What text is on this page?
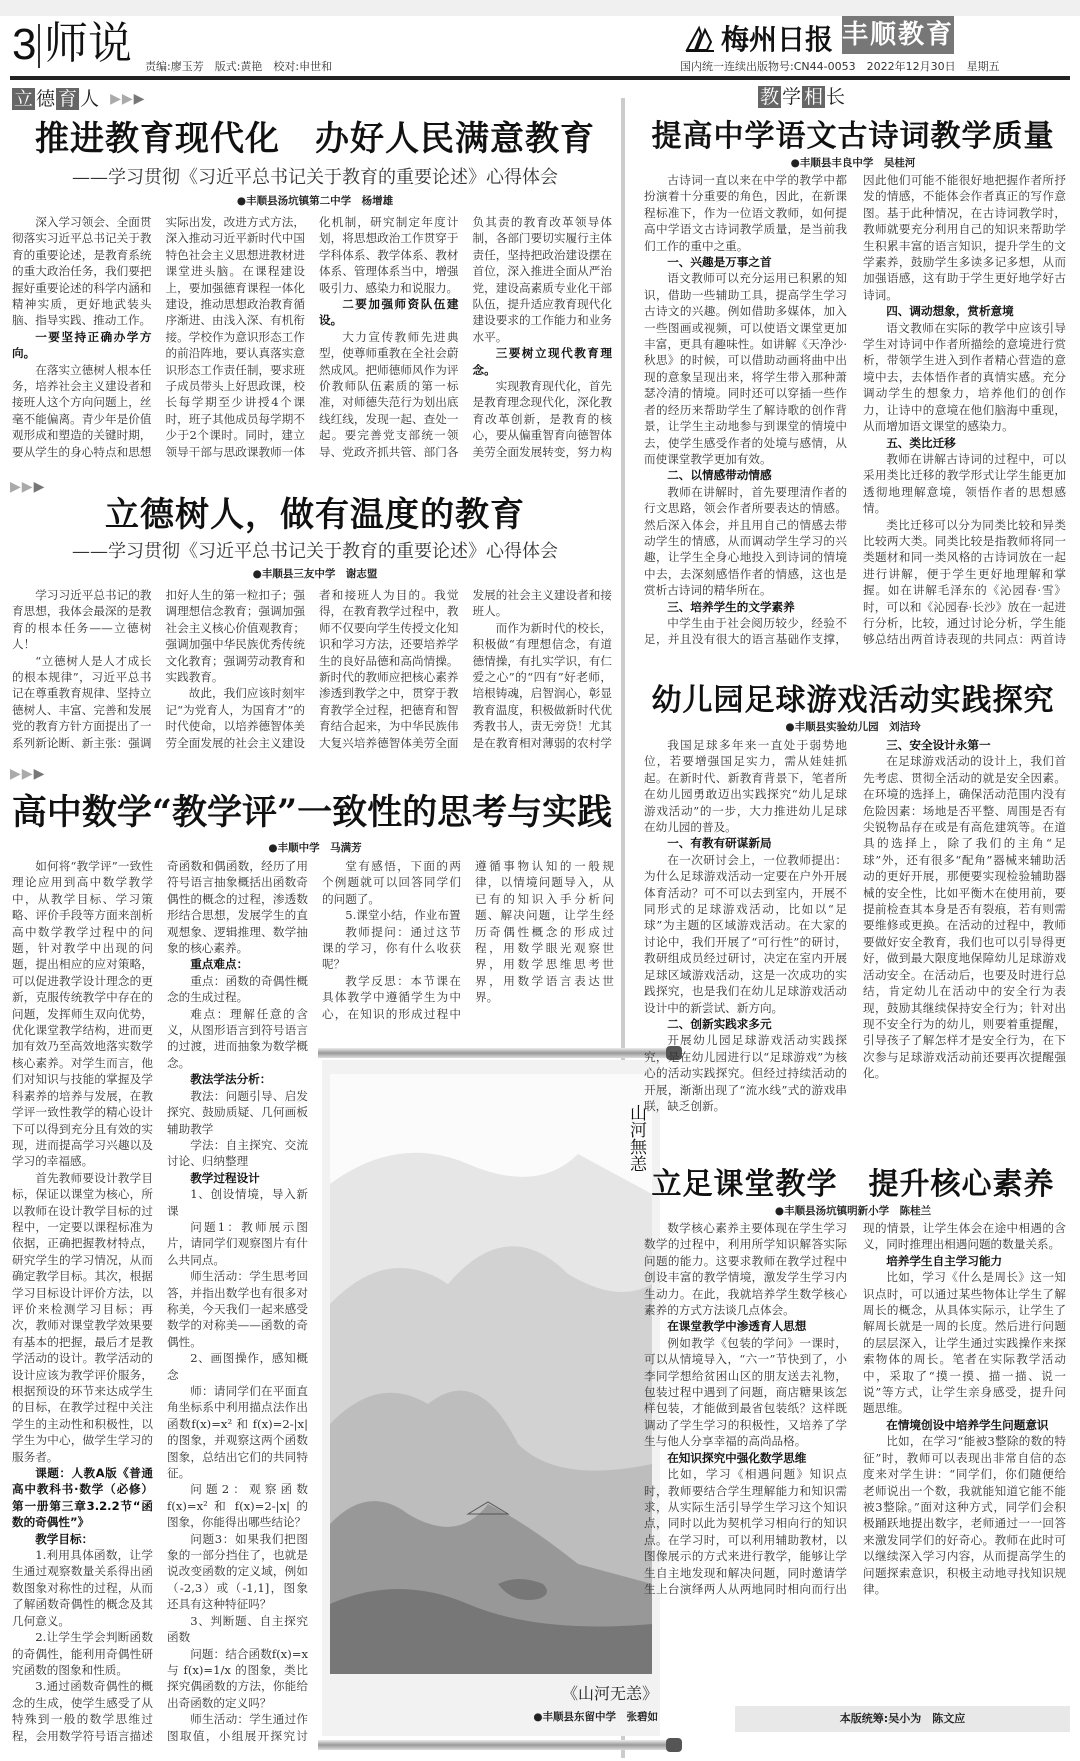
3 师说 责编:廖玉芳　版式:黄艳　校对:申世和
梅州日报 丰顺教育
国内统一连续出版物号:CN44-0053　2022年12月30日　星期五
立 德 育 人 ▶ ▶ ▶	教 学 相 长
推进教育现代化　办好人民满意教育
——学习贯彻《习近平总书记关于教育的重要论述》心得体会
●丰顺县汤坑镇第二中学　杨增雄

深入学习领会、全面贯彻落实习近平总书记关于教育的重要论述，是教育系统的重大政治任务，我们要把握好重要论述的科学内涵和精神实质，更好地武装头脑、指导实践、推动工作。

一要坚持正确办学方向。

在落实立德树人根本任务，培养社会主义建设者和接班人这个方向问题上，丝毫不能偏离。青少年是价值观形成和塑造的关键时期，要从学生的身心特点和思想实际出发，改进方式方法，深入推动习近平新时代中国特色社会主义思想进教材进课堂进头脑。在课程建设上，要加强德育课程一体化建设，推动思想政治教育循序渐进、由浅入深、有机衔接。学校作为意识形态工作的前沿阵地，要认真落实意识形态工作责任制，要求班子成员带头上好思政课，校长每学期至少讲授4个课时，班子其他成员每学期不少于2个课时。同时，建立领导干部与思政课教师一体化机制，研究制定年度计划，将思想政治工作贯穿于学科体系、教学体系、教材体系、管理体系当中，增强吸引力、感染力和说服力。

二要加强师资队伍建设。

大力宣传教师先进典型，使尊师重教在全社会蔚然成风。把师德师风作为评价教师队伍素质的第一标准，对师德失范行为划出底线红线，发现一起、查处一起。要完善党支部统一领导、党政齐抓共管、部门各负其责的教育改革领导体制，各部门要切实履行主体责任，坚持把政治建设摆在首位，深入推进全面从严治党，建设高素质专业化干部队伍，提升适应教育现代化建设要求的工作能力和业务水平。

三要树立现代教育理念。

实现教育现代化，首先是教育理念现代化，深化教育改革创新，是教育的核心，要从偏重智育向德智体美劳全面发展转变，努力构

▶ ▶ ▶
立德树人，做有温度的教育
——学习贯彻《习近平总书记关于教育的重要论述》心得体会
●丰顺县三友中学　谢志盟

学习习近平总书记的教育思想，我体会最深的是教育的根本任务——立德树人！

“立德树人是人才成长的根本规律”，习近平总书记在尊重教育规律、坚持立德树人、丰富、完善和发展党的教育方针方面提出了一系列新论断、新主张：强调扣好人生的第一粒扣子；强调理想信念教育；强调加强社会主义核心价值观教育；强调加强中华民族优秀传统文化教育；强调劳动教育和实践教育。

故此，我们应该时刻牢记“为党育人，为国育才”的时代使命，以培养德智体美劳全面发展的社会主义建设者和接班人为目的。我觉得，在教育教学过程中，教师不仅要向学生传授文化知识和学习方法，还要培养学生的良好品德和高尚情操。新时代的教师应把核心素养渗透到教学之中，贯穿于教育教学全过程，把德育和智育结合起来，为中华民族伟大复兴培养德智体美劳全面发展的社会主义建设者和接班人。

而作为新时代的校长，积极做“有理想信念，有道德情操，有扎实学识，有仁爱之心”的“四有”好老师，培根铸魂，启智润心，彰显教育温度，积极做新时代优秀教书人，责无旁贷！尤其是在教育相对薄弱的农村学

▶ ▶ ▶
高中数学“教学评”一致性的思考与实践
●丰顺中学　马满芳

如何将“教学评”一致性理论应用到高中数学教学中，从教学目标、学习策略、评价手段等方面来剖析高中数学教学过程中的问题，针对教学中出现的问题，提出相应的应对策略，可以促进教学设计理念的更新，克服传统教学中存在的问题，发挥师生双向优势，优化课堂教学结构，进而更加有效乃至高效地落实数学核心素养。对学生而言，他们对知识与技能的掌握及学科素养的培养与发展，在教学评一致性教学的精心设计下可以得到充分且有效的实现，进而提高学习兴趣以及学习的幸福感。

首先教师要设计教学目标，保证以课堂为核心，所以教师在设计教学目标的过程中，一定要以课程标准为依据，正确把握教材特点，研究学生的学习情况，从而确定教学目标。其次，根据学习目标设计评价方法，以评价来检测学习目标；再次，教师对课堂教学效果要有基本的把握，最后才是教学活动的设计。教学活动的设计应该为教学评价服务，根据预设的环节来达成学生的目标，在教学过程中关注学生的主动性和积极性，以学生为中心，做学生学习的服务者。

课题：人教A版《普通高中教科书·数学（必修）第一册第三章3.2.2节“函数的奇偶性”》

教学目标：

1.利用具体函数，让学生通过观察数量关系得出函数图象对称性的过程，从而了解函数奇偶性的概念及其几何意义。

2.让学生学会判断函数的奇偶性，能利用奇偶性研究函数的图象和性质。

3.通过函数奇偶性的概念的生成，使学生感受了从特殊到一般的数学思维过程，会用数学符号语言描述奇函数和偶函数，经历了用符号语言抽象概括出函数奇偶性的概念的过程，渗透数形结合思想，发展学生的直观想象、逻辑推理、数学抽象的核心素养。

重点难点：

重点：函数的奇偶性概念的生成过程。

难点：理解任意的含义，从图形语言到符号语言的过渡，进而抽象为数学概念。

教法学法分析：

教法：问题引导、启发探究、鼓励质疑、几何画板辅助教学

学法：自主探究、交流讨论、归纳整理

教学过程设计

1、创设情境，导入新课

问题1：教师展示图片，请同学们观察图片有什么共同点。

师生活动：学生思考回答，并指出数学也有很多对称美，今天我们一起来感受数学的对称美——函数的奇偶性。

2、画图操作，感知概念

师：请同学们在平面直角坐标系中利用描点法作出函数f(x)=x² 和 f(x)=2-|x| 的图象，并观察这两个函数图象，总结出它们的共同特征。

问题2：观察函数f(x)=x² 和 f(x)=2-|x| 的图象，你能得出哪些结论？

问题3：如果我们把图象的一部分挡住了，也就是说改变函数的定义域，例如（-2,3）或（-1,1]，图象还具有这种特征吗？

3、判断题、自主探究函数

问题：结合函数f(x)=x 与 f(x)=1/x 的图象，类比探究偶函数的方法，你能给出奇函数的定义吗？

师生活动：学生通过作图取值，小组展开探究讨

堂有感悟，下面的两个例题就可以回答同学们的问题了。

5.课堂小结，作业布置

教师提问：通过这节课的学习，你有什么收获呢？

教学反思：本节课在具体教学中遵循学生为中心，在知识的形成过程中遵循事物认知的一般规律，以情境问题导入，从已有的知识入手分析问题、解决问题，让学生经历奇偶性概念的形成过程，用数学眼光观察世界，用数学思维思考世界，用数学语言表达世界。

山河無恙
《山河无恙》
●丰顺县东留中学　张碧如
提高中学语文古诗词教学质量
●丰顺县丰良中学　吴桂河

古诗词一直以来在中学的教学中都扮演着十分重要的角色，因此，在新课程标准下，作为一位语文教师，如何提高中学语文古诗词教学质量，是当前我们工作的重中之重。

一、兴趣是万事之首

语文教师可以充分运用已积累的知识，借助一些辅助工具，提高学生学习古诗文的兴趣。例如借助多媒体，加入一些图画或视频，可以使语文课堂更加丰富，更具有趣味性。如讲解《天净沙·秋思》的时候，可以借助动画将曲中出现的意象呈现出来，将学生带入那种萧瑟冷清的情境。同时还可以穿插一些作者的经历来帮助学生了解诗歌的创作背景，让学生主动地参与到课堂的情境中去，使学生感受作者的处境与感情，从而使课堂教学更加有效。

二、以情感带动情感

教师在讲解时，首先要理清作者的行文思路，领会作者所要表达的情感。然后深入体会，并且用自己的情感去带动学生的情感，从而调动学生学习的兴趣，让学生全身心地投入到诗词的情境中去，去深刻感悟作者的情感，这也是赏析古诗词的精华所在。

三、培养学生的文学素养

中学生由于社会阅历较少，经验不足，并且没有很大的语言基础作支撑，因此他们可能不能很好地把握作者所抒发的情感，不能体会作者真正的写作意图。基于此种情况，在古诗词教学时，教师就要充分利用自己的知识来帮助学生积累丰富的语言知识，提升学生的文学素养，鼓励学生多读多记多想，从而加强语感，这有助于学生更好地学好古诗词。

四、调动想象，赏析意境

语文教师在实际的教学中应该引导学生对诗词中作者所描绘的意境进行赏析，带领学生进入到作者精心营造的意境中去，去体悟作者的真情实感。充分调动学生的想象力，培养他们的创作力，让诗中的意境在他们脑海中重现，从而增加语文课堂的感染力。

五、类比迁移

教师在讲解古诗词的过程中，可以采用类比迁移的教学形式让学生能更加透彻地理解意境，领悟作者的思想感情。

类比迁移可以分为同类比较和异类比较两大类。同类比较是指教师将同一类题材和同一类风格的古诗词放在一起进行讲解，便于学生更好地理解和掌握。如在讲解毛泽东的《沁园春·雪》时，可以和《沁园春·长沙》放在一起进行分析，比较，通过讨论分析，学生能够总结出两首诗表现的共同点：两首诗

幼儿园足球游戏活动实践探究
●丰顺县实验幼儿园　刘洁玲

我国足球多年来一直处于弱势地位，若要增强国足实力，需从娃娃抓起。在新时代、新教育背景下，笔者所在幼儿园勇敢迈出实践探究“幼儿足球游戏活动”的一步，大力推进幼儿足球在幼儿园的普及。

一、有教有研谋新局

在一次研讨会上，一位教师提出：为什么足球游戏活动一定要在户外开展体育活动？可不可以去到室内，开展不同形式的足球游戏活动，比如以“足球”为主题的区域游戏活动。在大家的讨论中，我们开展了“可行性”的研讨，教研组成员经过研讨，决定在室内开展足球区域游戏活动，这是一次成功的实践探究，也是我们在幼儿足球游戏活动设计中的新尝试、新方向。

二、创新实践求多元

开展幼儿园足球游戏活动实践探究，是在幼儿园进行以“足球游戏”为核心的活动实践探究。但经过持续活动的开展，渐渐出现了“流水线”式的游戏串联，缺乏创新。

三、安全设计永第一

在足球游戏活动的设计上，我们首先考虑、贯彻全活动的就是安全因素。在环境的选择上，确保活动范围内没有危险因素：场地是否平整、周围是否有尖锐物品存在或是有高危建筑等。在道具的选择上，除了我们的主角“足球”外，还有很多“配角”器械来辅助活动的更好开展，那便要实现检验辅助器械的安全性，比如平衡木在使用前，要提前检查其本身是否有裂痕，若有则需要维修或更换。在活动的过程中，教师要做好安全教育，我们也可以引导得更好，做到最大限度地保障幼儿足球游戏活动安全。在活动后，也要及时进行总结，肯定幼儿在活动中的安全行为表现，鼓励其继续保持安全行为；针对出现不安全行为的幼儿，则要着重提醒，引导孩子了解怎样才是安全行为，在下次参与足球游戏活动前还要再次提醒强化。

立足课堂教学　提升核心素养
●丰顺县汤坑镇明新小学　陈桂兰

数学核心素养主要体现在学生学习数学的过程中，利用所学知识解答实际问题的能力。这要求教师在教学过程中创设丰富的教学情境，激发学生学习内生动力。在此，我就培养学生数学核心素养的方式方法谈几点体会。

在课堂教学中渗透育人思想

例如教学《包装的学问》一课时，可以从情境导入，“六一”节快到了，小李同学想给贫困山区的朋友送去礼物，包装过程中遇到了问题，商店糖果该怎样包装，才能做到最省包装纸？这样既调动了学生学习的积极性，又培养了学生与他人分享幸福的高尚品格。

在知识探究中强化数学思维

比如，学习《相遇问题》知识点时，教师要结合学生理解能力和知识需求，从实际生活引导学生学习这个知识点，同时以此为契机学习相向行的知识点。在学习时，可以利用辅助教材，以图像展示的方式来进行教学，能够让学生自主地发现和解决问题，同时邀请学生上台演绎两人从两地同时相向而行出现的情景，让学生体会在途中相遇的含义，同时推理出相遇问题的数量关系。

培养学生自主学习能力

比如，学习《什么是周长》这一知识点时，可以通过某些物体让学生了解周长的概念，从具体实际示，让学生了解周长就是一周的长度。然后进行问题的层层深入，让学生通过实践操作来探索物体的周长。笔者在实际教学活动中，采取了“摸一摸、描一描、说一说”等方式，让学生亲身感受，提升问题思维。

在情境创设中培养学生问题意识

比如，在学习“能被3整除的数的特征”时，教师可以表现出非常自信的态度来对学生讲：“同学们，你们随便给老师说出一个数，我就能知道它能不能被3整除。”面对这种方式，同学们会积极踊跃地提出数字，老师通过一一回答来激发同学们的好奇心。教师在此时可以继续深入学习内容，从而提高学生的问题探索意识，积极主动地寻找知识规律。

本版统筹:吴小为　陈文应
